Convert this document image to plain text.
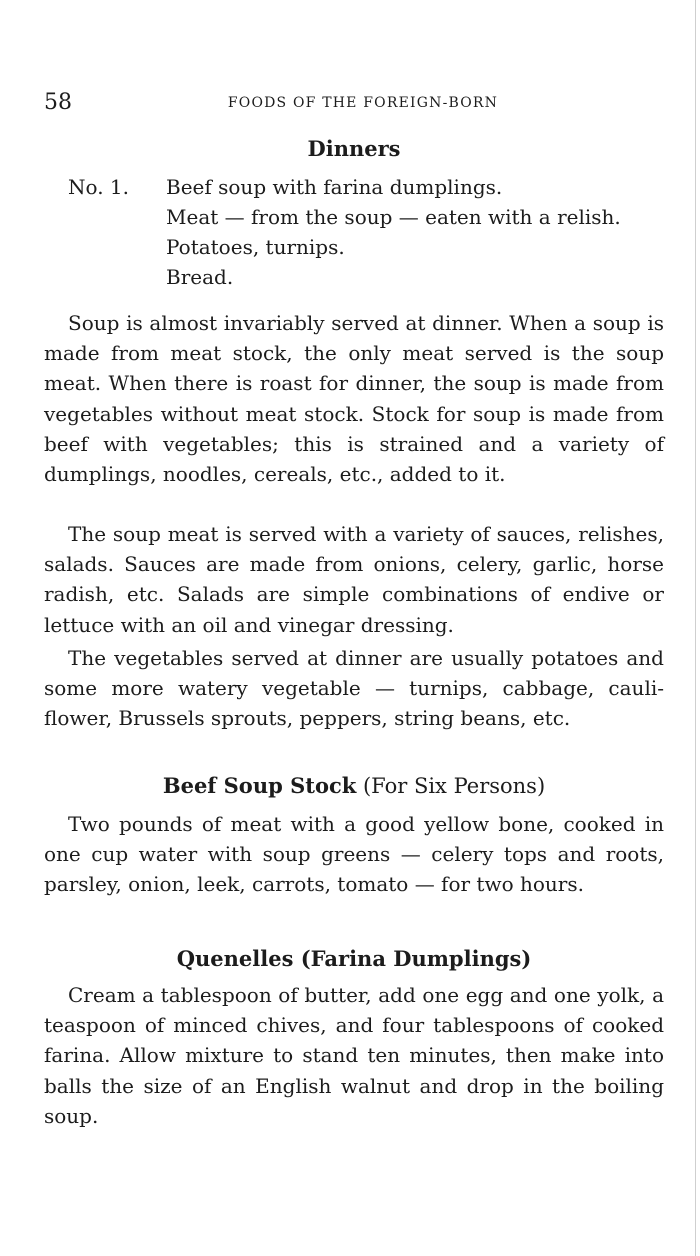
58	FOODS OF THE FOREIGN-BORN
Dinners
No. 1. Beef soup with farina dumplings.
Meat — from the soup — eaten with a relish.
Potatoes, turnips.
Bread.

Soup is almost invariably served at dinner. When a soup is made from meat stock, the only meat served is the soup meat. When there is roast for dinner, the soup is made from vegetables without meat stock. Stock for soup is made from beef with vegetables; this is strained and a variety of dumplings, noodles, cereals, etc., added to it.

The soup meat is served with a variety of sauces, relishes, salads. Sauces are made from onions, celery, garlic, horse radish, etc. Salads are simple combinations of endive or lettuce with an oil and vinegar dressing.

The vegetables served at dinner are usually potatoes and some more watery vegetable — turnips, cabbage, cauliflower, Brussels sprouts, peppers, string beans, etc.

Beef Soup Stock (For Six Persons)

Two pounds of meat with a good yellow bone, cooked in one cup water with soup greens — celery tops and roots, parsley, onion, leek, carrots, tomato — for two hours.

Quenelles (Farina Dumplings)

Cream a tablespoon of butter, add one egg and one yolk, a teaspoon of minced chives, and four tablespoons of cooked farina. Allow mixture to stand ten minutes, then make into balls the size of an English walnut and drop in the boiling soup.
